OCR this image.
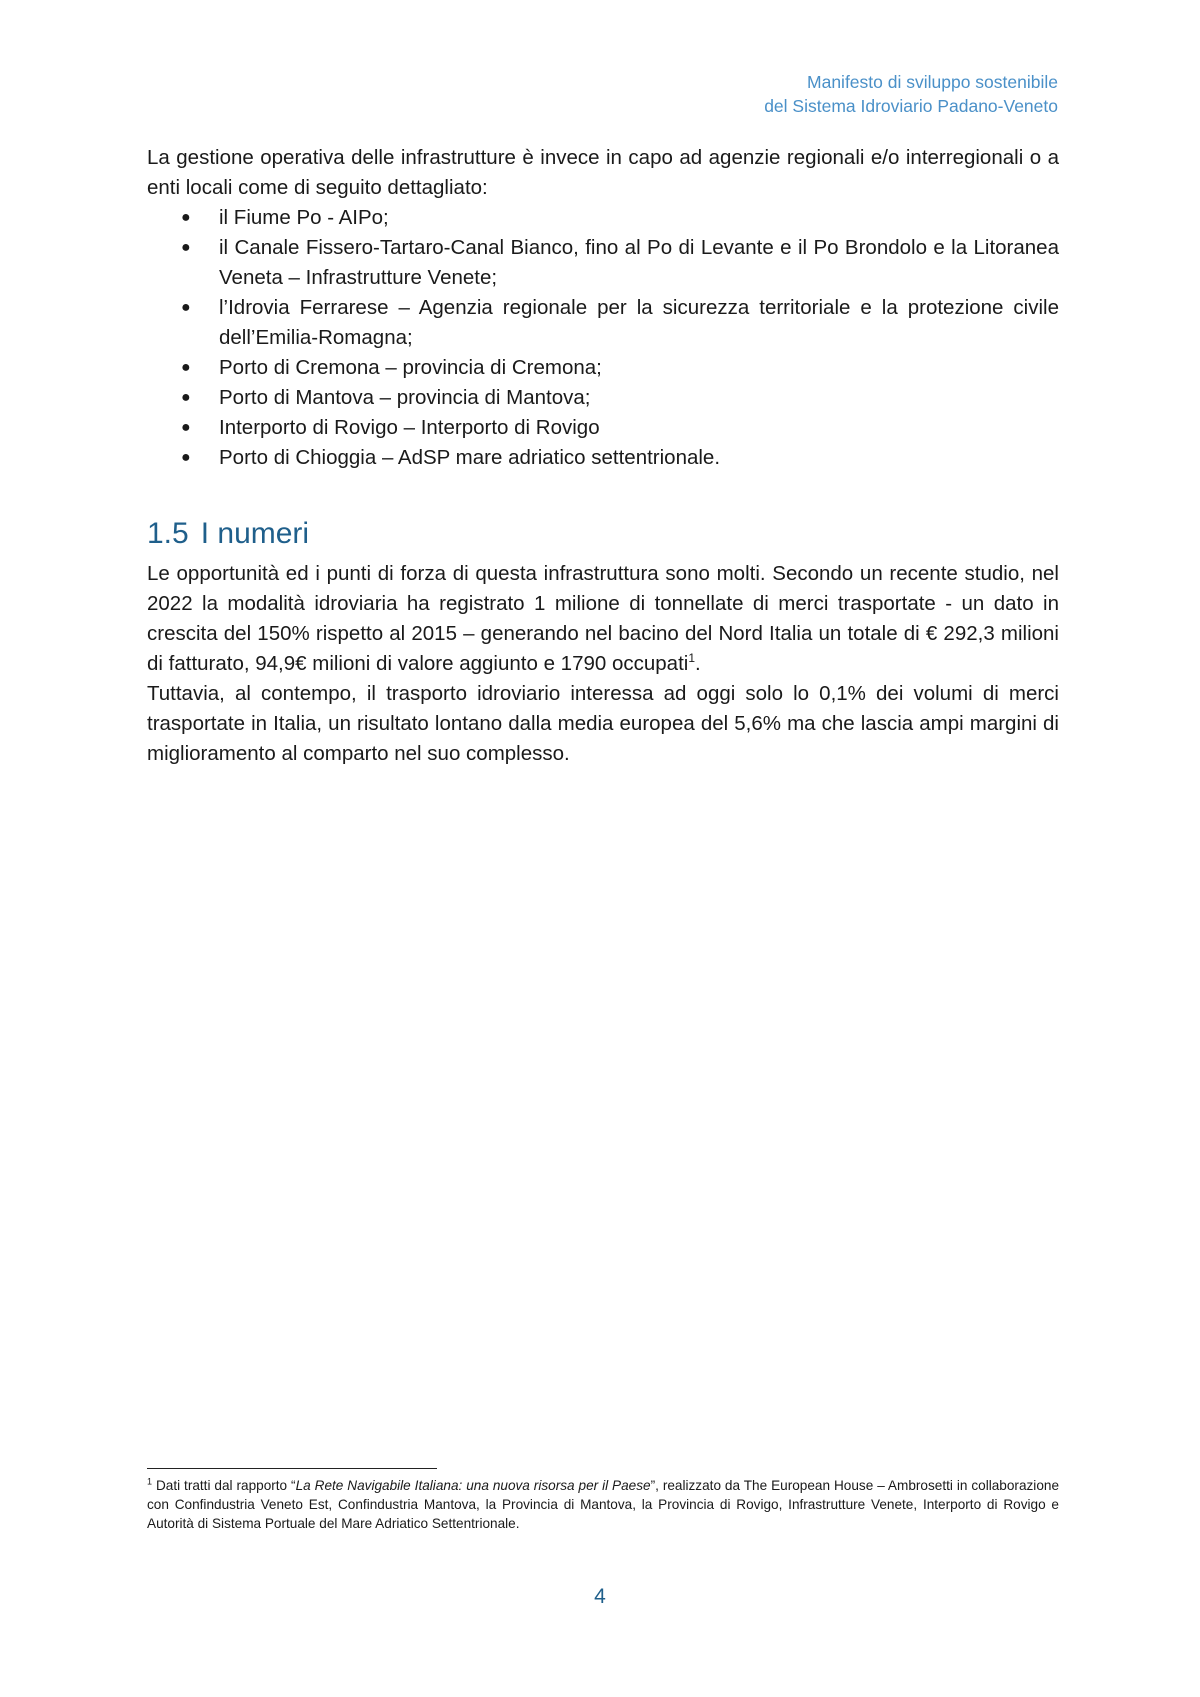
Manifesto di sviluppo sostenibile
del Sistema Idroviario Padano-Veneto

La gestione operativa delle infrastrutture è invece in capo ad agenzie regionali e/o interregionali o a enti locali come di seguito dettagliato:

● il Fiume Po - AIPo;
● il Canale Fissero-Tartaro-Canal Bianco, fino al Po di Levante e il Po Brondolo e la Litoranea Veneta – Infrastrutture Venete;
● l’Idrovia Ferrarese – Agenzia regionale per la sicurezza territoriale e la protezione civile dell’Emilia-Romagna;
● Porto di Cremona – provincia di Cremona;
● Porto di Mantova – provincia di Mantova;
● Interporto di Rovigo – Interporto di Rovigo
● Porto di Chioggia – AdSP mare adriatico settentrionale.
1.5 I numeri

Le opportunità ed i punti di forza di questa infrastruttura sono molti. Secondo un recente studio, nel 2022 la modalità idroviaria ha registrato 1 milione di tonnellate di merci trasportate - un dato in crescita del 150% rispetto al 2015 – generando nel bacino del Nord Italia un totale di € 292,3 milioni di fatturato, 94,9€ milioni di valore aggiunto e 1790 occupati$^1$.

Tuttavia, al contempo, il trasporto idroviario interessa ad oggi solo lo 0,1% dei volumi di merci trasportate in Italia, un risultato lontano dalla media europea del 5,6% ma che lascia ampi margini di miglioramento al comparto nel suo complesso.

$^1$ Dati tratti dal rapporto “La Rete Navigabile Italiana: una nuova risorsa per il Paese”, realizzato da The European House – Ambrosetti in collaborazione con Confindustria Veneto Est, Confindustria Mantova, la Provincia di Mantova, la Provincia di Rovigo, Infrastrutture Venete, Interporto di Rovigo e Autorità di Sistema Portuale del Mare Adriatico Settentrionale.
4
